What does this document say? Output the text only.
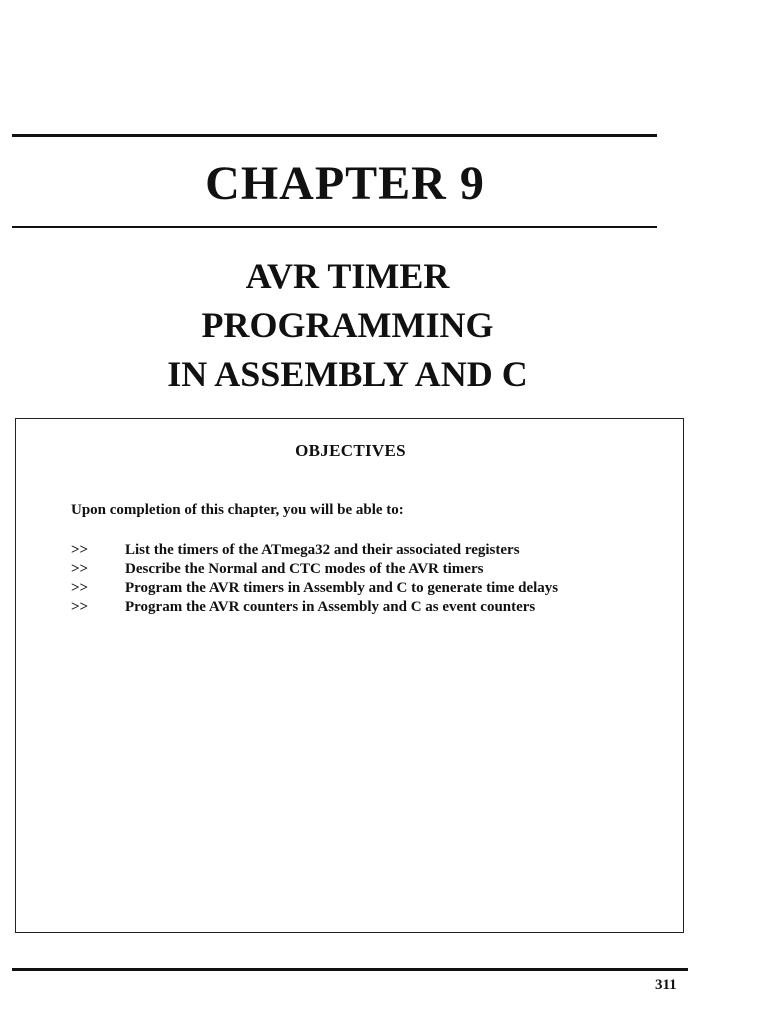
CHAPTER 9
AVR TIMER
PROGRAMMING
IN ASSEMBLY AND C
OBJECTIVES
Upon completion of this chapter, you will be able to:
>> List the timers of the ATmega32 and their associated registers
>> Describe the Normal and CTC modes of the AVR timers
>> Program the AVR timers in Assembly and C to generate time delays
>> Program the AVR counters in Assembly and C as event counters
311
